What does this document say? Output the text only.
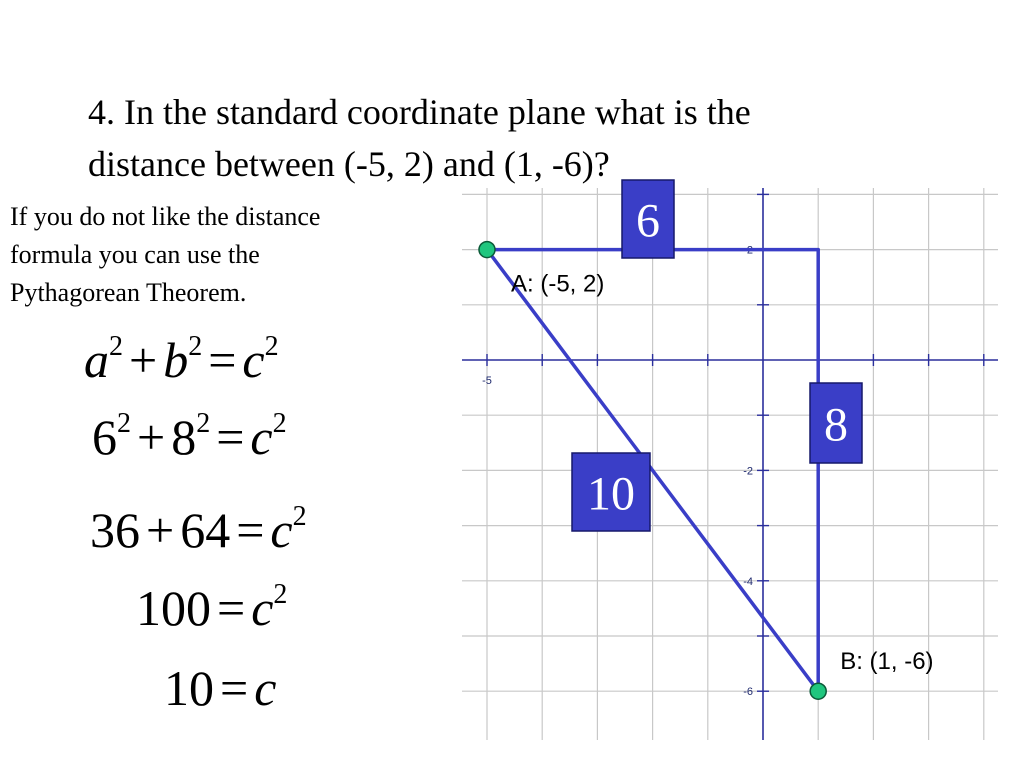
-5
2
-2
-4
-6
6
8
10
A: (-5, 2)
B: (1, -6)
4. In the standard coordinate plane what is the
distance between (-5, 2) and (1, -6)?
If you do not like the distance
formula you can use the
Pythagorean Theorem.
$a^2 + b^2 = c^2$
$6^2 + 8^2 = c^2$
$36 + 64 = c^2$
$100 = c^2$
10 = c
